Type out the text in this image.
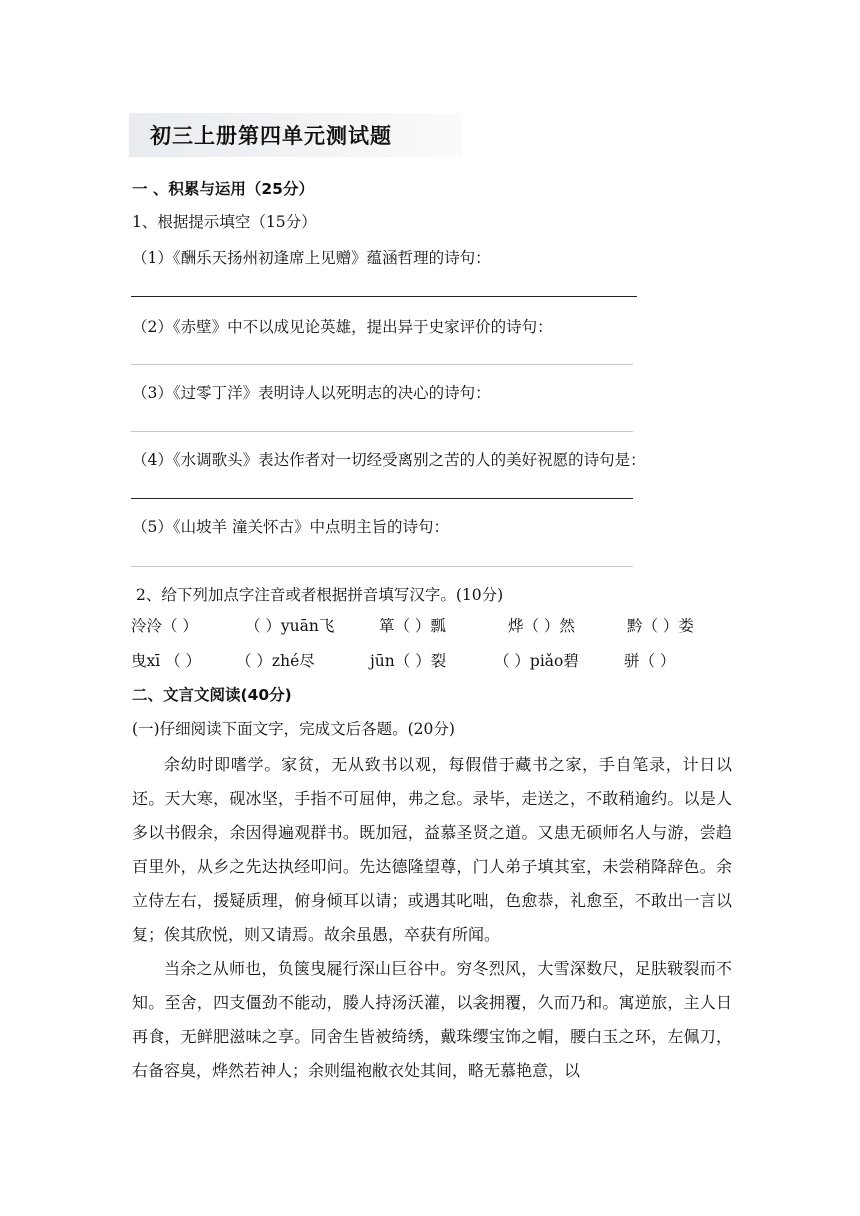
初三上册第四单元测试题
一 、积累与运用（25分）
1、根据提示填空（15分）
（1）《酬乐天扬州初逢席上见赠》蕴涵哲理的诗句：
（2）《赤壁》中不以成见论英雄，提出异于史家评价的诗句：
（3）《过零丁洋》表明诗人以死明志的决心的诗句：
（4）《水调歌头》表达作者对一切经受离别之苦的人的美好祝愿的诗句是：
（5）《山坡羊 潼关怀古》中点明主旨的诗句：
2、给下列加点字注音或者根据拼音填写汉字。(10分)
泠泠（ ）	（ ）yuān飞	箪（ ）瓢	烨（ ）然	黔（ ）娄
曳xī （ ） （ ）zhé尽	jūn（ ）裂	（ ）piǎo碧	骈（ ）
二、文言文阅读(40分)
(一)仔细阅读下面文字，完成文后各题。(20分)
余幼时即嗜学。家贫，无从致书以观，每假借于藏书之家，手自笔录，计日以还。天大寒，砚冰坚，手指不可屈伸，弗之怠。录毕，走送之，不敢稍逾约。以是人多以书假余，余因得遍观群书。既加冠，益慕圣贤之道。又患无硕师名人与游，尝趋百里外，从乡之先达执经叩问。先达德隆望尊，门人弟子填其室，未尝稍降辞色。余立侍左右，援疑质理，俯身倾耳以请；或遇其叱咄，色愈恭，礼愈至，不敢出一言以复；俟其欣悦，则又请焉。故余虽愚，卒获有所闻。
当余之从师也，负箧曳屣行深山巨谷中。穷冬烈风，大雪深数尺，足肤皲裂而不知。至舍，四支僵劲不能动，媵人持汤沃灌，以衾拥覆，久而乃和。寓逆旅，主人日再食，无鲜肥滋味之享。同舍生皆被绮绣，戴珠缨宝饰之帽，腰白玉之环，左佩刀，右备容臭，烨然若神人；余则缊袍敝衣处其间，略无慕艳意，以
